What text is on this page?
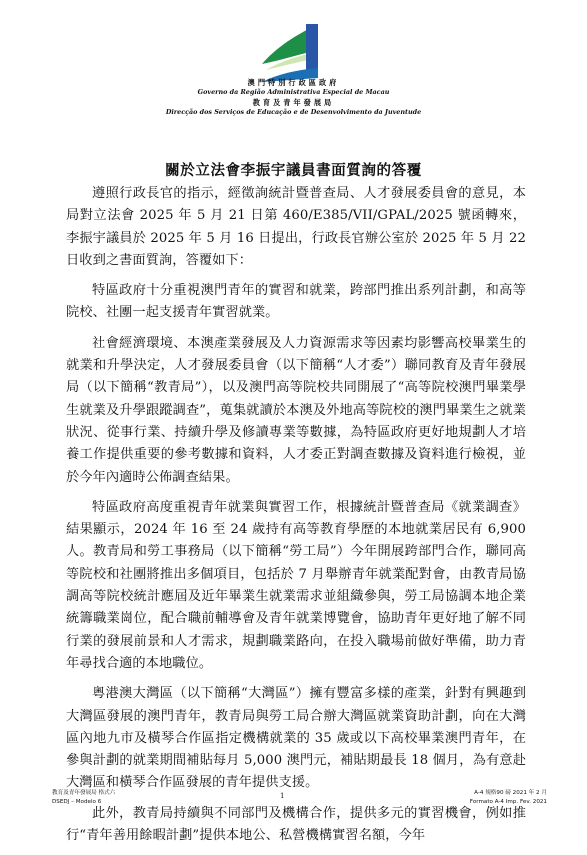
澳門特別行政區政府
Governo da Região Administrativa Especial de Macau
教育及青年發展局
Direcção dos Serviços de Educação e de Desenvolvimento da Juventude
關於立法會李振宇議員書面質詢的答覆

遵照行政長官的指示，經徵詢統計暨普查局、人才發展委員會的意見，本局對立法會 2025 年 5 月 21 日第 460/E385/VII/GPAL/2025 號函轉來，李振宇議員於 2025 年 5 月 16 日提出，行政長官辦公室於 2025 年 5 月 22 日收到之書面質詢，答覆如下：

特區政府十分重視澳門青年的實習和就業，跨部門推出系列計劃，和高等院校、社團一起支援青年實習就業。

社會經濟環境、本澳產業發展及人力資源需求等因素均影響高校畢業生的就業和升學決定，人才發展委員會（以下簡稱“人才委”）聯同教育及青年發展局（以下簡稱“教青局”），以及澳門高等院校共同開展了“高等院校澳門畢業學生就業及升學跟蹤調查”，蒐集就讀於本澳及外地高等院校的澳門畢業生之就業狀況、從事行業、持續升學及修讀專業等數據，為特區政府更好地規劃人才培養工作提供重要的參考數據和資料，人才委正對調查數據及資料進行檢視，並於今年內適時公佈調查結果。

特區政府高度重視青年就業與實習工作，根據統計暨普查局《就業調查》結果顯示，2024 年 16 至 24 歲持有高等教育學歷的本地就業居民有 6,900 人。教青局和勞工事務局（以下簡稱“勞工局”）今年開展跨部門合作，聯同高等院校和社團將推出多個項目，包括於 7 月舉辦青年就業配對會，由教青局協調高等院校統計應屆及近年畢業生就業需求並組織參與，勞工局協調本地企業統籌職業崗位，配合職前輔導會及青年就業博覽會，協助青年更好地了解不同行業的發展前景和人才需求，規劃職業路向，在投入職場前做好準備，助力青年尋找合適的本地職位。

粵港澳大灣區（以下簡稱“大灣區”）擁有豐富多樣的產業，針對有興趣到大灣區發展的澳門青年，教青局與勞工局合辦大灣區就業資助計劃，向在大灣區內地九市及橫琴合作區指定機構就業的 35 歲或以下高校畢業澳門青年，在參與計劃的就業期間補貼每月 5,000 澳門元，補貼期最長 18 個月，為有意赴大灣區和橫琴合作區發展的青年提供支援。

此外，教青局持續與不同部門及機構合作，提供多元的實習機會，例如推行“青年善用餘暇計劃”提供本地公、私營機構實習名額，今年

教育及青年發展局 格式六
DSEDJ – Modelo 6
1	A-4 規格90 磅 2021 年 2 月
Formato A-4 Imp. Fev. 2021
